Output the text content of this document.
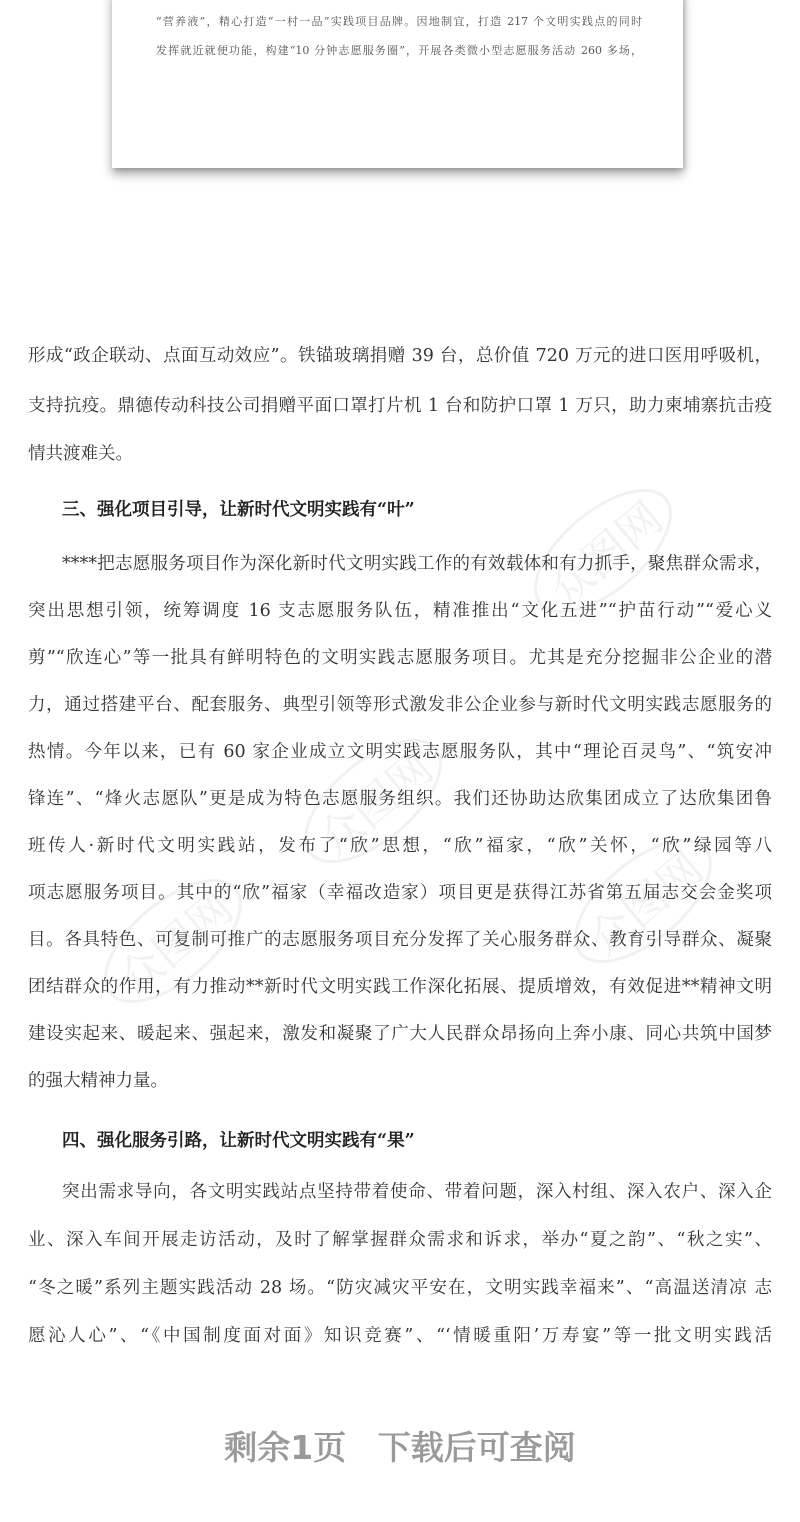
“营养液”，精心打造“一村一品”实践项目品牌。因地制宜，打造 217 个文明实践点的同时
发挥就近就便功能，构建“10 分钟志愿服务圈”，开展各类微小型志愿服务活动 260 多场，
众图网
众图网
众图网
众图网
形成“政企联动、点面互动效应”。铁锚玻璃捐赠 39 台，总价值 720 万元的进口医用呼吸机，
支持抗疫。鼎德传动科技公司捐赠平面口罩打片机 1 台和防护口罩 1 万只，助力柬埔寨抗击疫
情共渡难关。
三、强化项目引导，让新时代文明实践有“叶”
****把志愿服务项目作为深化新时代文明实践工作的有效载体和有力抓手，聚焦群众需求，
突出思想引领，统筹调度 16 支志愿服务队伍，精准推出“文化五进”“护苗行动”“爱心义
剪”“欣连心”等一批具有鲜明特色的文明实践志愿服务项目。尤其是充分挖掘非公企业的潜
力，通过搭建平台、配套服务、典型引领等形式激发非公企业参与新时代文明实践志愿服务的
热情。今年以来，已有 60 家企业成立文明实践志愿服务队，其中“理论百灵鸟”、“筑安冲
锋连”、“烽火志愿队”更是成为特色志愿服务组织。我们还协助达欣集团成立了达欣集团鲁
班传人·新时代文明实践站，发布了“欣”思想，“欣”福家，“欣”关怀，“欣”绿园等八
项志愿服务项目。其中的“欣”福家（幸福改造家）项目更是获得江苏省第五届志交会金奖项
目。各具特色、可复制可推广的志愿服务项目充分发挥了关心服务群众、教育引导群众、凝聚
团结群众的作用，有力推动**新时代文明实践工作深化拓展、提质增效，有效促进**精神文明
建设实起来、暖起来、强起来，激发和凝聚了广大人民群众昂扬向上奔小康、同心共筑中国梦
的强大精神力量。
四、强化服务引路，让新时代文明实践有“果”
突出需求导向，各文明实践站点坚持带着使命、带着问题，深入村组、深入农户、深入企
业、深入车间开展走访活动，及时了解掌握群众需求和诉求，举办“夏之韵”、“秋之实”、
“冬之暖”系列主题实践活动 28 场。“防灾减灾平安在，文明实践幸福来”、“高温送清凉 志
愿沁人心”、“《中国制度面对面》知识竞赛”、“‘情暖重阳’万寿宴”等一批文明实践活
剩余1页 下载后可查阅
